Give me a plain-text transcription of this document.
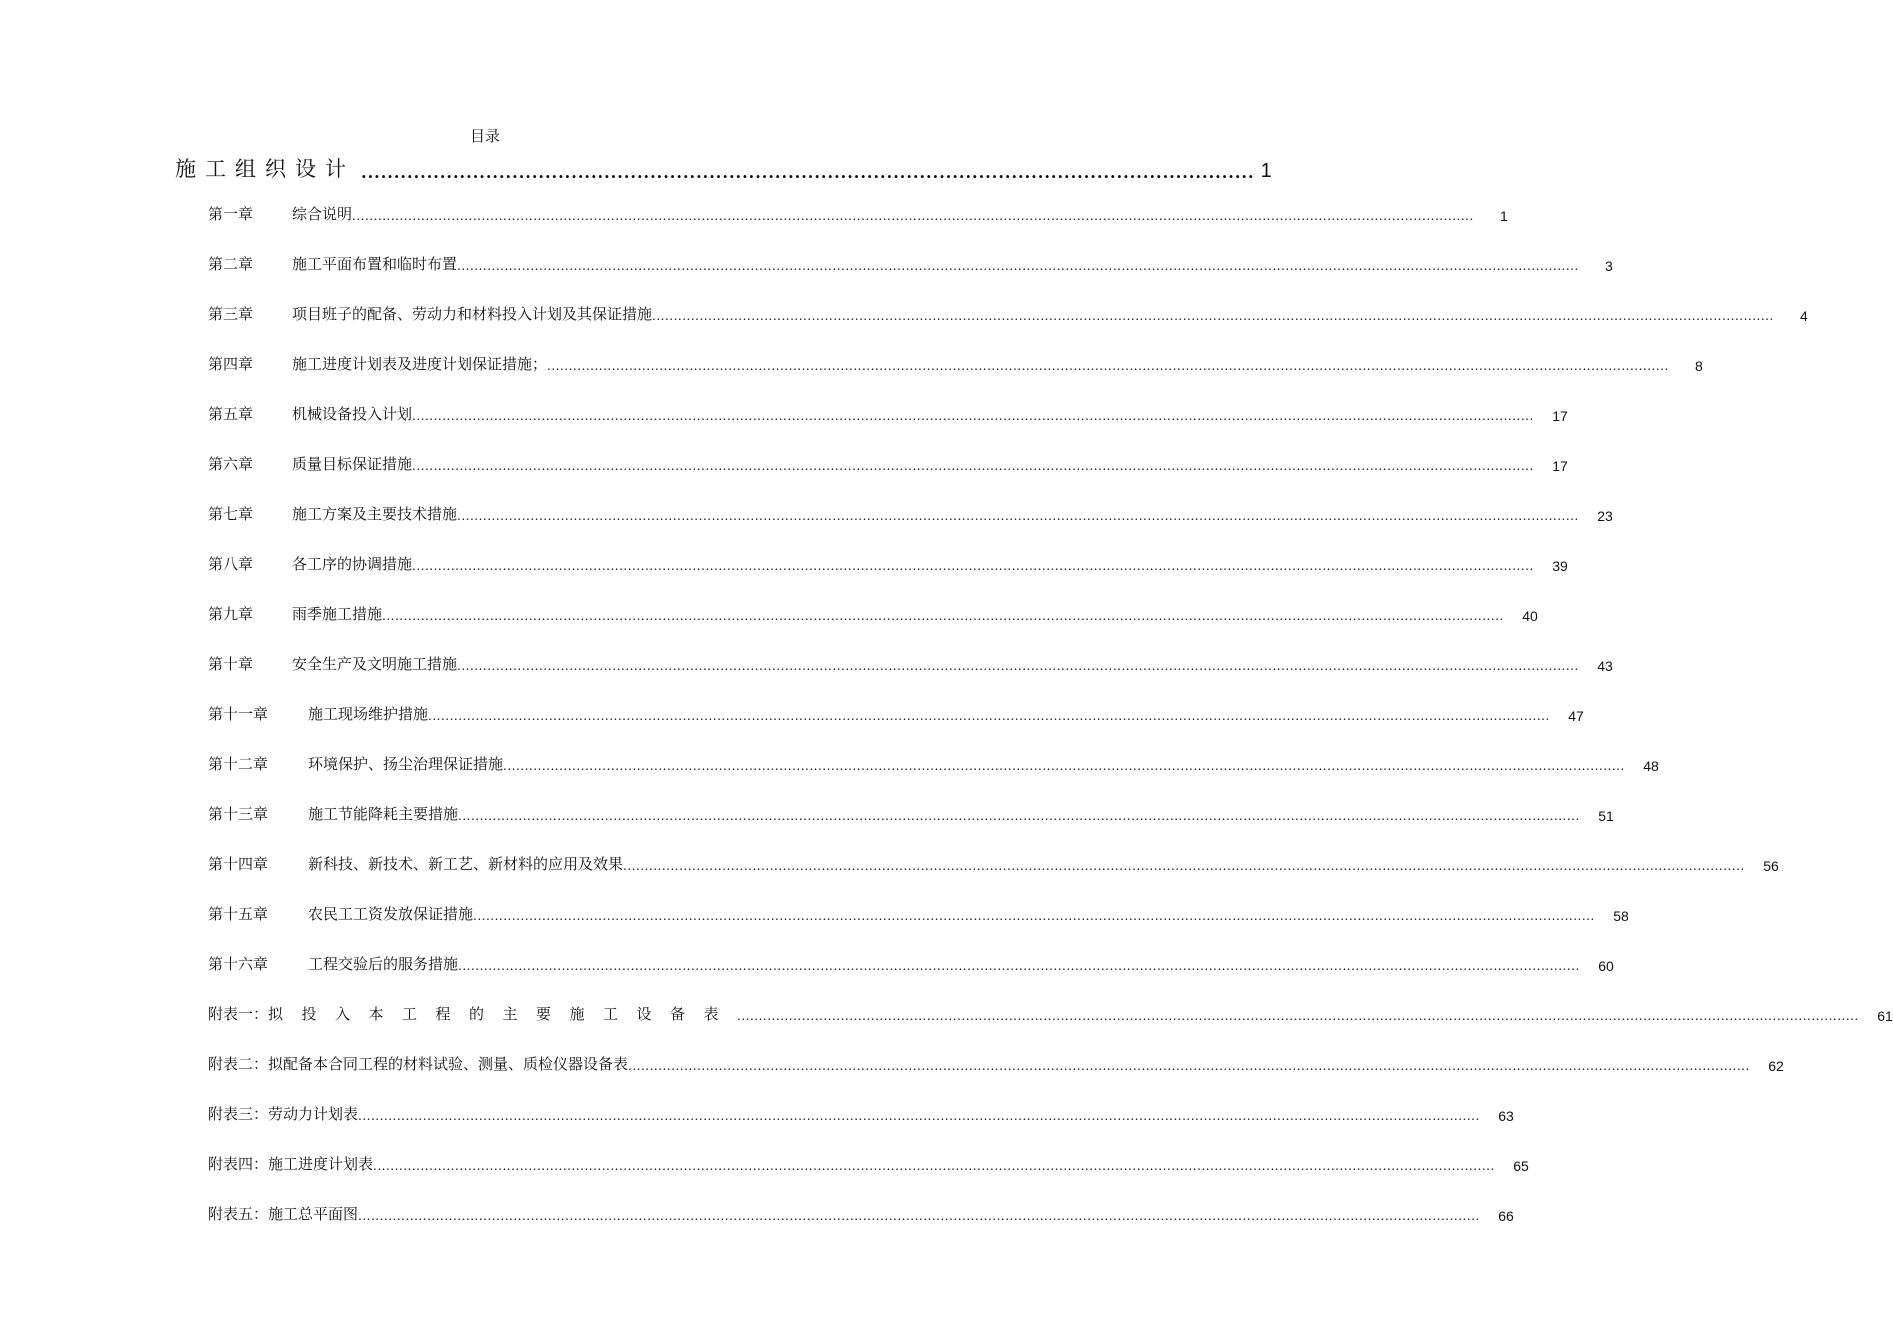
目录
施工组织设计 ........................................................................................................................................ 1
第一章	综合说明 ....................................................................................................................................................................................................................................................................	1
第二章	施工平面布置和临时布置 ....................................................................................................................................................................................................................................................................	3
第三章	项目班子的配备、劳动力和材料投入计划及其保证措施 ....................................................................................................................................................................................................................................................................	4
第四章	施工进度计划表及进度计划保证措施； ....................................................................................................................................................................................................................................................................	8
第五章	机械设备投入计划 ....................................................................................................................................................................................................................................................................	17
第六章	质量目标保证措施 ....................................................................................................................................................................................................................................................................	17
第七章	施工方案及主要技术措施 ....................................................................................................................................................................................................................................................................	23
第八章	各工序的协调措施 ....................................................................................................................................................................................................................................................................	39
第九章	雨季施工措施 ....................................................................................................................................................................................................................................................................	40
第十章	安全生产及文明施工措施 ....................................................................................................................................................................................................................................................................	43
第十一章	施工现场维护措施 ....................................................................................................................................................................................................................................................................	47
第十二章	环境保护、扬尘治理保证措施 ....................................................................................................................................................................................................................................................................	48
第十三章	施工节能降耗主要措施 ....................................................................................................................................................................................................................................................................	51
第十四章	新科技、新技术、新工艺、新材料的应用及效果 ....................................................................................................................................................................................................................................................................	56
第十五章	农民工工资发放保证措施 ....................................................................................................................................................................................................................................................................	58
第十六章	工程交验后的服务措施 ....................................................................................................................................................................................................................................................................	60
附表一： 拟投入本工程的主要施工设备表 ....................................................................................................................................................................................................................................................................	61
附表二： 拟配备本合同工程的材料试验、测量、质检仪器设备表 ....................................................................................................................................................................................................................................................................	62
附表三： 劳动力计划表 ....................................................................................................................................................................................................................................................................	63
附表四： 施工进度计划表 ....................................................................................................................................................................................................................................................................	65
附表五： 施工总平面图 ....................................................................................................................................................................................................................................................................	66
